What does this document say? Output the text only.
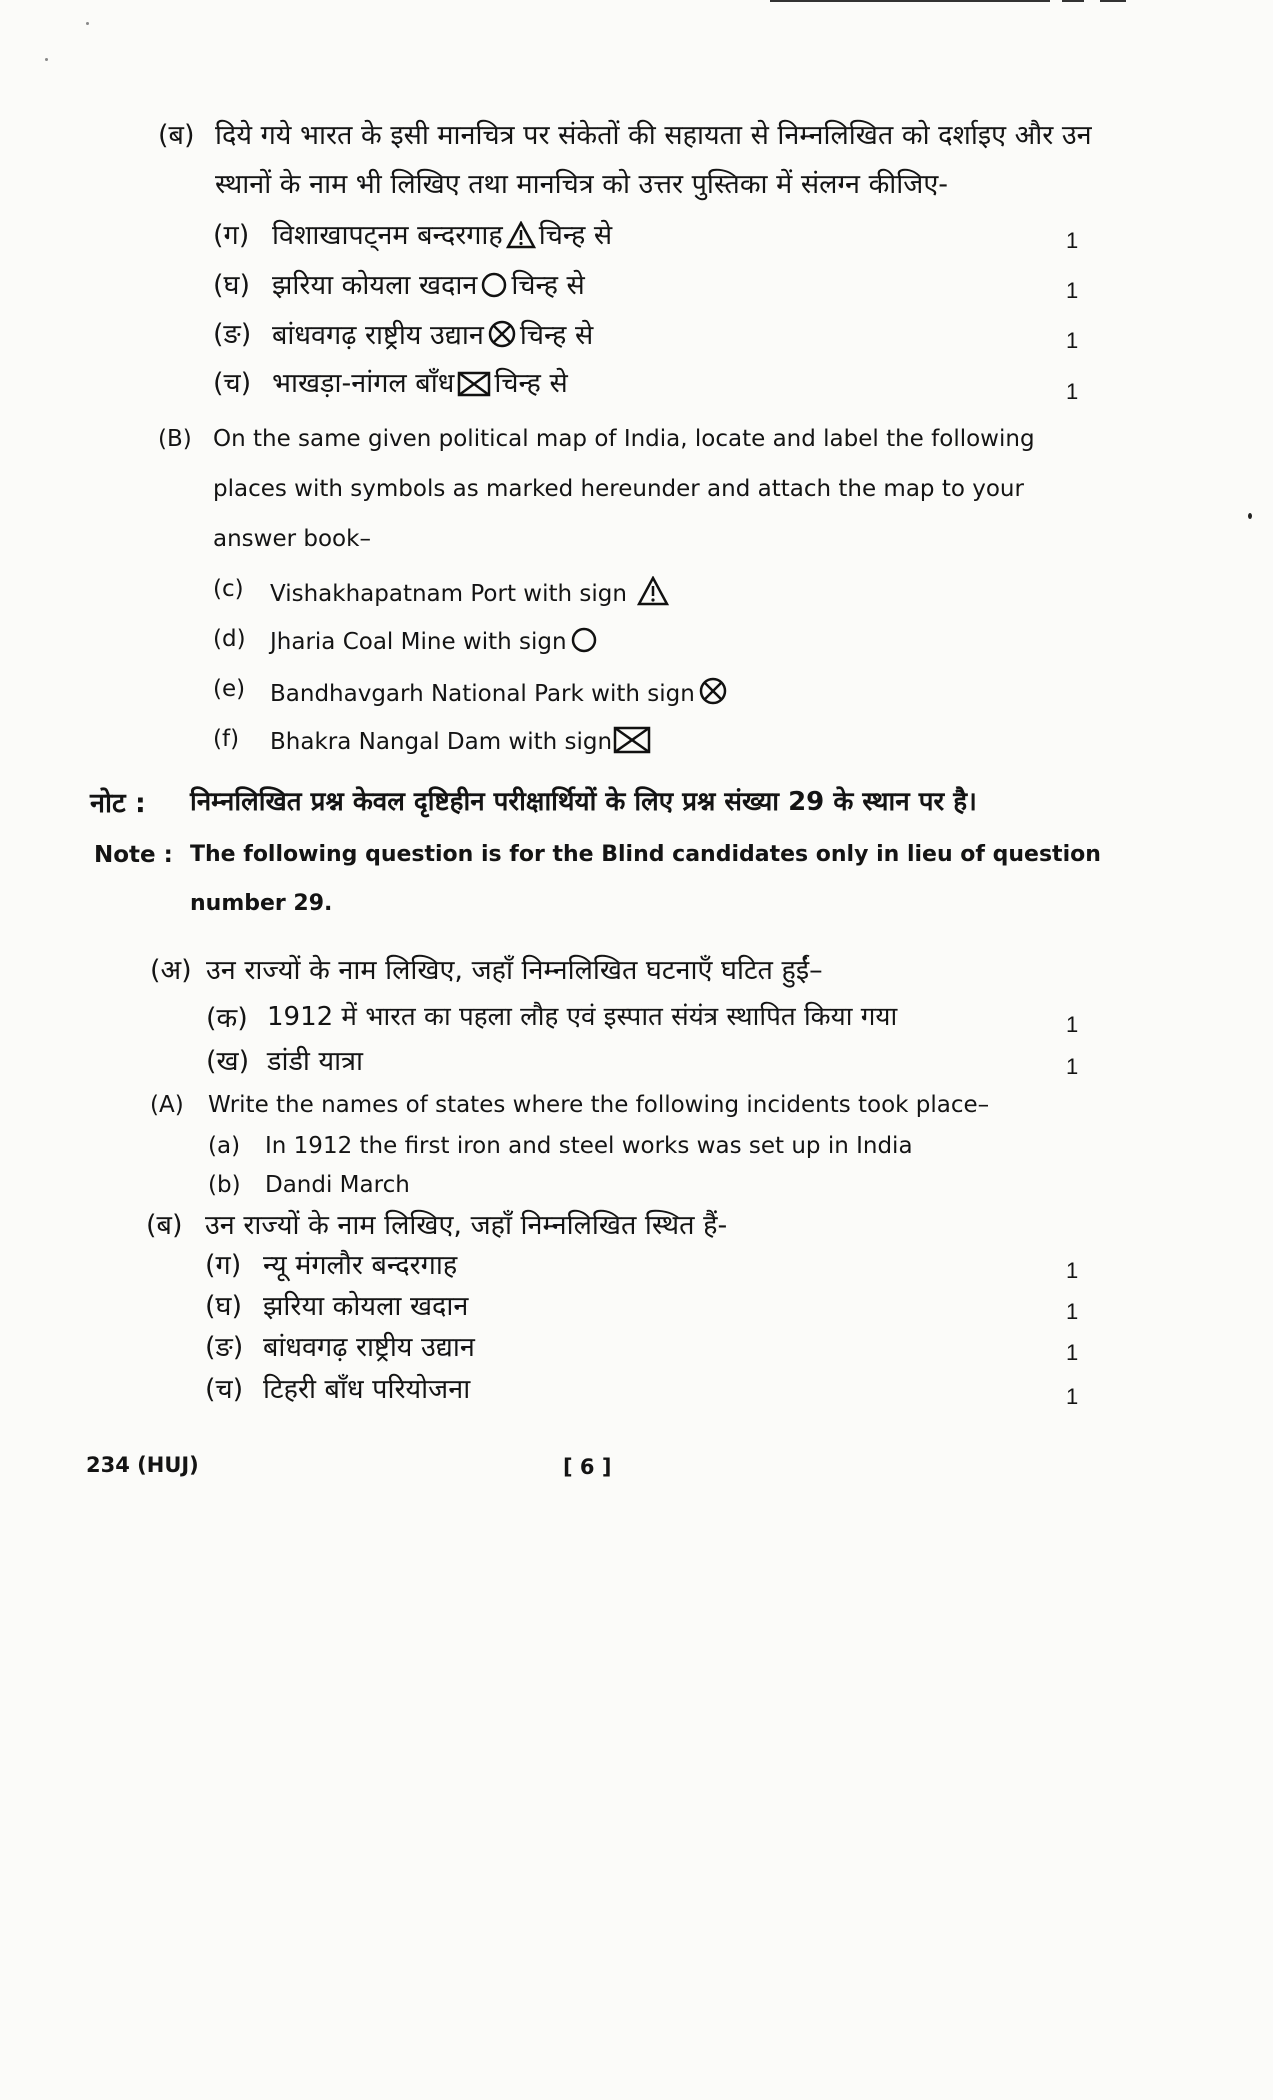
(ब) दिये गये भारत के इसी मानचित्र पर संकेतों की सहायता से निम्नलिखित को दर्शाइए और उन
स्थानों के नाम भी लिखिए तथा मानचित्र को उत्तर पुस्तिका में संलग्न कीजिए-
(ग) विशाखापट्नम बन्दरगाह चिन्ह से	1
(घ) झरिया कोयला खदान चिन्ह से	1
(ङ) बांधवगढ़ राष्ट्रीय उद्यान चिन्ह से	1
(च) भाखड़ा-नांगल बाँध चिन्ह से	1
(B) On the same given political map of India, locate and label the following
places with symbols as marked hereunder and attach the map to your
answer book–
(c) Vishakhapatnam Port with sign
(d) Jharia Coal Mine with sign
(e) Bandhavgarh National Park with sign
(f) Bhakra Nangal Dam with sign
नोट : निम्नलिखित प्रश्न केवल दृष्टिहीन परीक्षार्थियों के लिए प्रश्न संख्या 29 के स्थान पर है।
Note : The following question is for the Blind candidates only in lieu of question
number 29.
(अ) उन राज्यों के नाम लिखिए, जहाँ निम्नलिखित घटनाएँ घटित हुईं–
(क) 1912 में भारत का पहला लौह एवं इस्पात संयंत्र स्थापित किया गया	1
(ख) डांडी यात्रा	1
(A) Write the names of states where the following incidents took place–
(a) In 1912 the first iron and steel works was set up in India
(b) Dandi March
(ब) उन राज्यों के नाम लिखिए, जहाँ निम्नलिखित स्थित हैं-
(ग) न्यू मंगलौर बन्दरगाह	1
(घ) झरिया कोयला खदान	1
(ङ) बांधवगढ़ राष्ट्रीय उद्यान	1
(च) टिहरी बाँध परियोजना	1
234 (HUJ)	[ 6 ]
